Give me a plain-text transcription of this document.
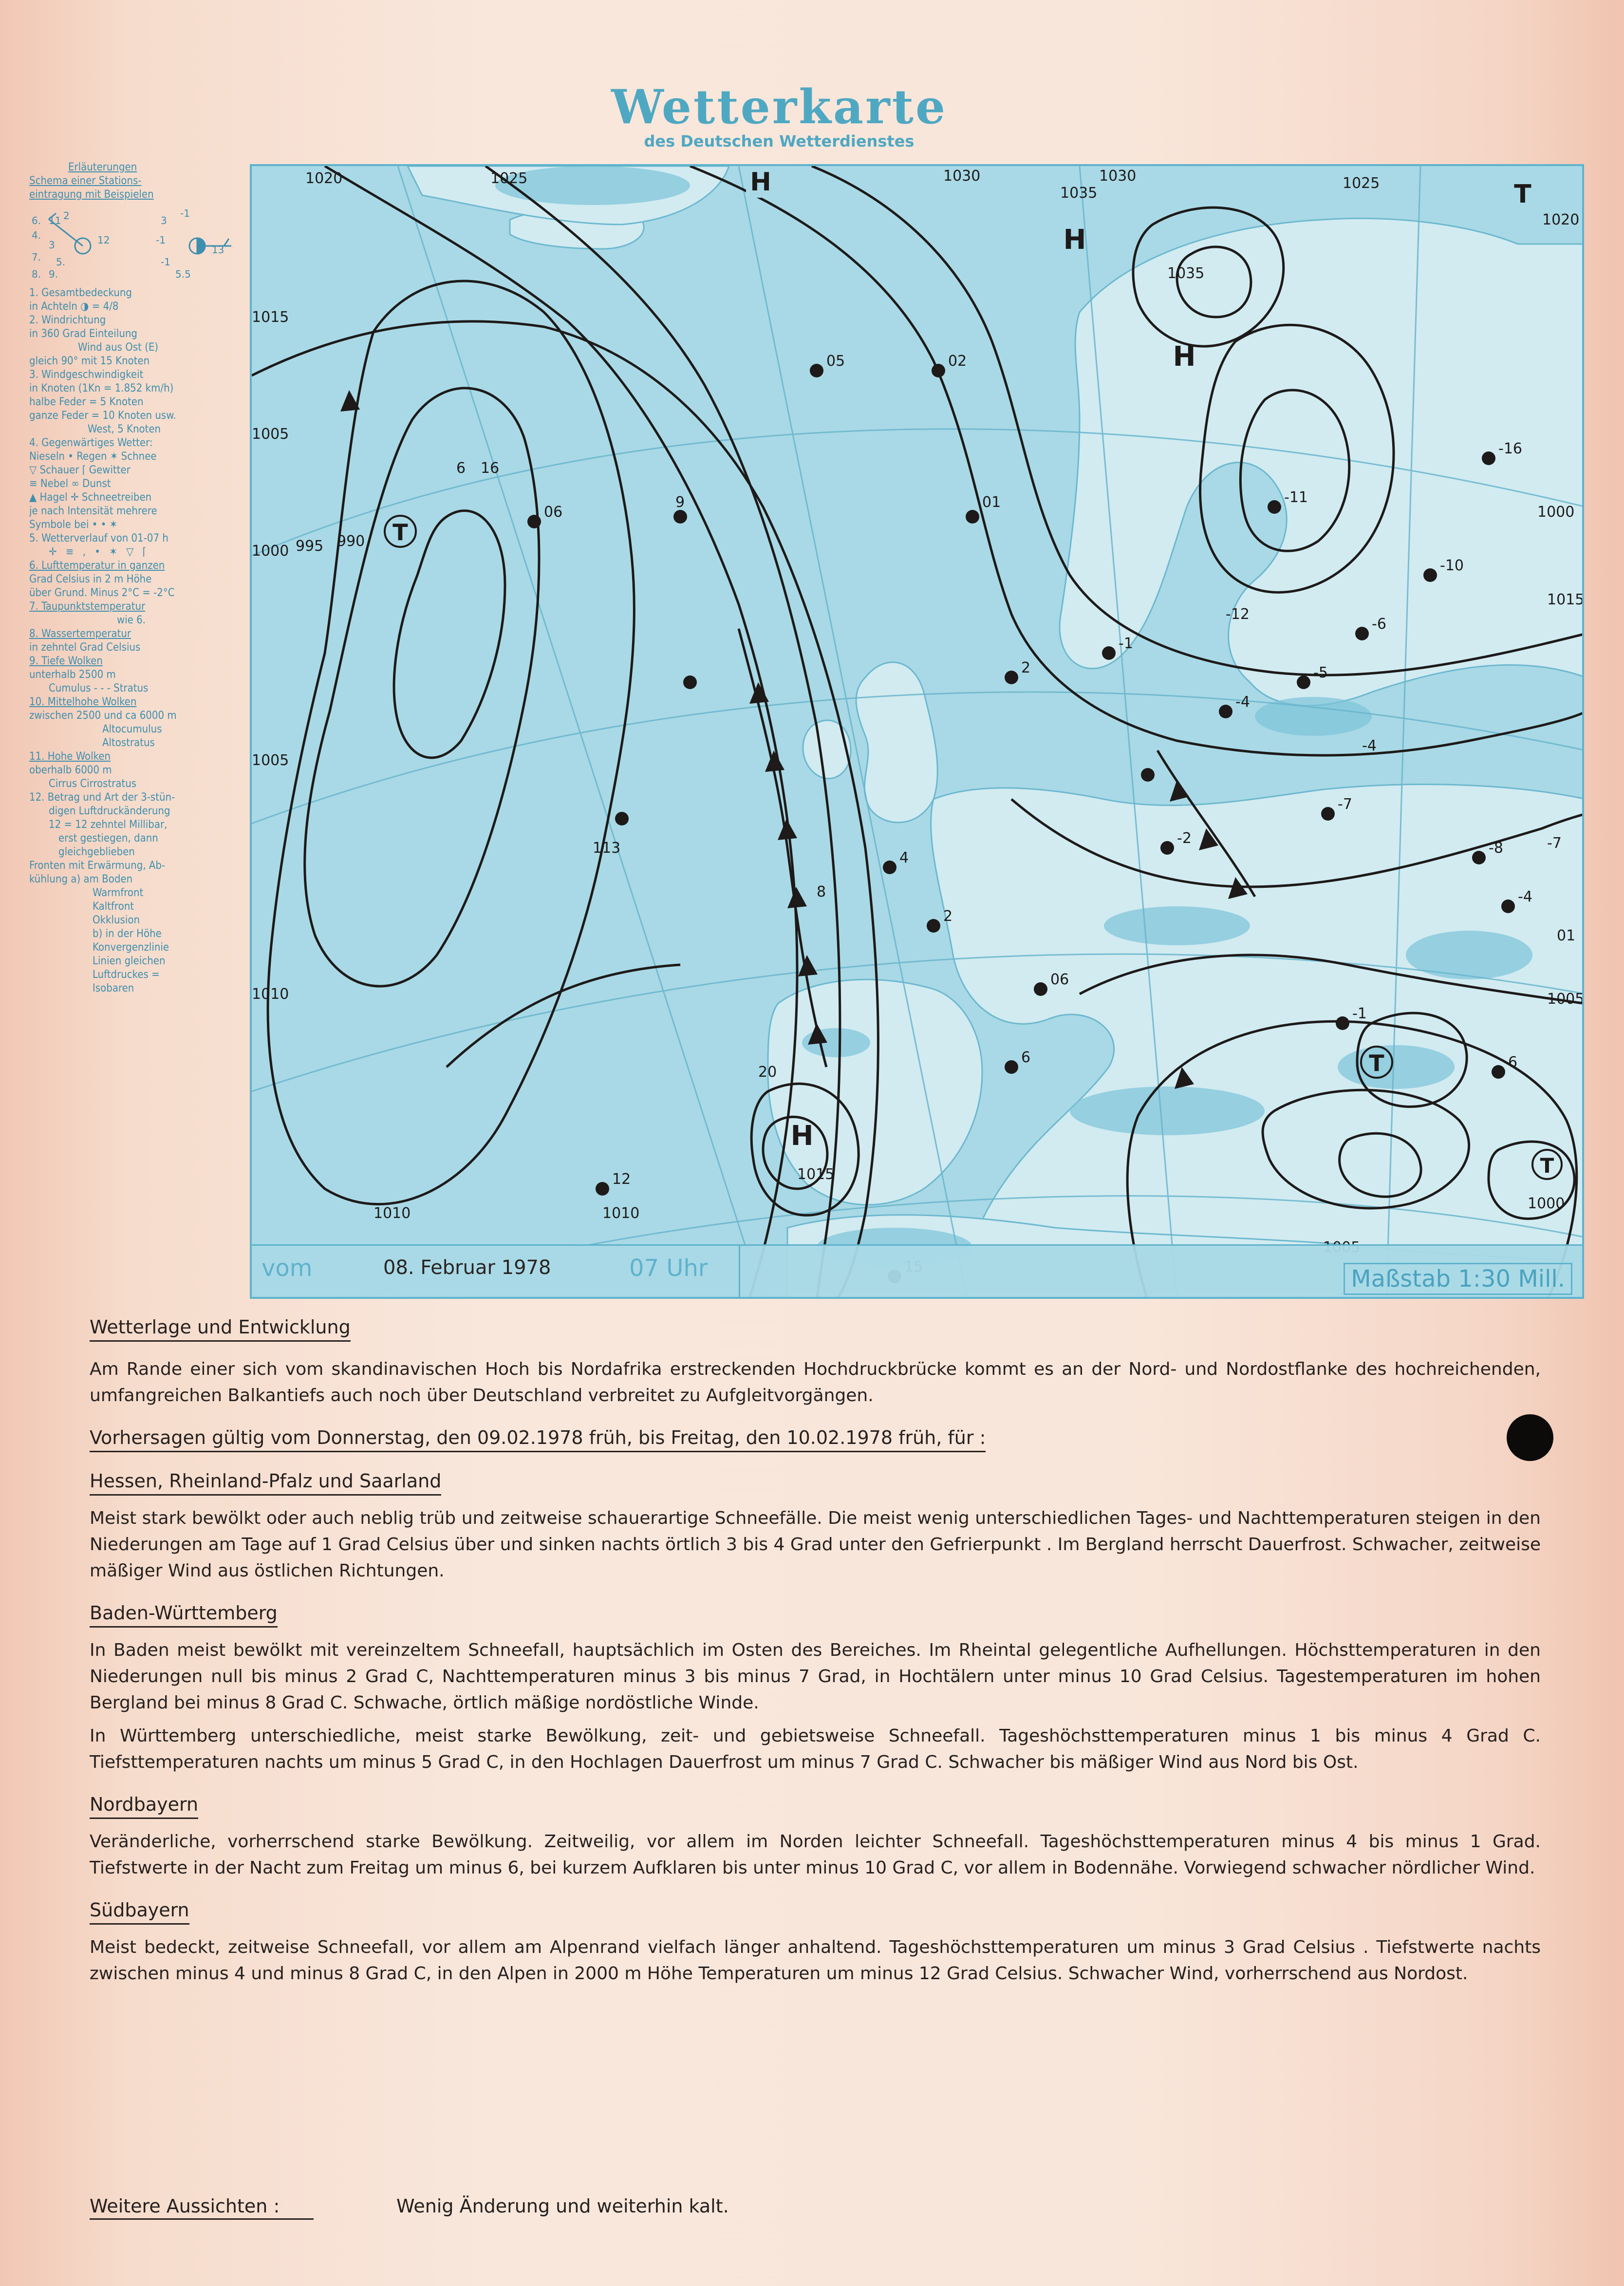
Wetterkarte
des Deutschen Wetterdienstes
Erläuterungen
Schema einer Stations-
eintragung mit Beispielen
6. 11 2
4.
3	12
7. 5.
8. 9.
3
-1
-1
13
-1
5.5
1. Gesamtbedeckung
in Achteln ◑ = 4/8
2. Windrichtung
in 360 Grad Einteilung
Wind aus Ost (E)
gleich 90° mit 15 Knoten
3. Windgeschwindigkeit
in Knoten (1Kn = 1.852 km/h)
halbe Feder = 5 Knoten
ganze Feder = 10 Knoten usw.
West, 5 Knoten
4. Gegenwärtiges Wetter:
Nieseln • Regen ✶ Schnee
▽ Schauer ⌈ Gewitter
≡ Nebel ∞ Dunst
▲ Hagel ✛ Schneetreiben
je nach Intensität mehrere
Symbole bei • • ✶
5. Wetterverlauf von 01-07 h
✛ ≡ , • ✶ ▽ ⌈
6. Lufttemperatur in ganzen
Grad Celsius in 2 m Höhe
über Grund. Minus 2°C = -2°C
7. Taupunktstemperatur
wie 6.
8. Wassertemperatur
in zehntel Grad Celsius
9. Tiefe Wolken
unterhalb 2500 m
Cumulus - - - Stratus
10. Mittelhohe Wolken
zwischen 2500 und ca 6000 m
Altocumulus
Altostratus
11. Hohe Wolken
oberhalb 6000 m
Cirrus Cirrostratus
12. Betrag und Art der 3-stün-
digen Luftdruckänderung
12 = 12 zehntel Millibar,
erst gestiegen, dann
gleichgeblieben
Fronten mit Erwärmung, Ab-
kühlung a) am Boden
Warmfront
Kaltfront
Okklusion
b) in der Höhe
Konvergenzlinie
Linien gleichen
Luftdruckes =
Isobaren
06
9
05	02
01
2
-1
-4
-5
-6
-10
-16
-11
-2
-7
-8
-4
-1
6
06
6
4
2
12
6 16
113
8
20
-7
01
-12
-4
H
H
H
H
T
T
T
T
1020	1025	1030
1035
1030	1025
1020
1015
1010
1005
1000 995 990
1000
1005
1010
1015
1010
1000
1005
1015
1035
vom	08. Februar 1978	07 Uhr	Maßstab 1:30 Mill.
Wetterlage und Entwicklung

Am Rande einer sich vom skandinavischen Hoch bis Nordafrika erstreckenden Hochdruckbrücke kommt es an der Nord- und Nordostflanke des hochreichenden, umfangreichen Balkantiefs auch noch über Deutschland verbreitet zu Aufgleitvorgängen.

Vorhersagen gültig vom Donnerstag, den 09.02.1978 früh, bis Freitag, den 10.02.1978 früh, für :
Hessen, Rheinland-Pfalz und Saarland

Meist stark bewölkt oder auch neblig trüb und zeitweise schauerartige Schneefälle. Die meist wenig unterschiedlichen Tages- und Nachttemperaturen steigen in den Niederungen am Tage auf 1 Grad Celsius über und sinken nachts örtlich 3 bis 4 Grad unter den Gefrierpunkt . Im Bergland herrscht Dauerfrost. Schwacher, zeitweise mäßiger Wind aus östlichen Richtungen.

Baden-Württemberg

In Baden meist bewölkt mit vereinzeltem Schneefall, hauptsächlich im Osten des Bereiches. Im Rheintal gelegentliche Aufhellungen. Höchsttemperaturen in den Niederungen null bis minus 2 Grad C, Nachttemperaturen minus 3 bis minus 7 Grad, in Hochtälern unter minus 10 Grad Celsius. Tagestemperaturen im hohen Bergland bei minus 8 Grad C. Schwache, örtlich mäßige nordöstliche Winde.

In Württemberg unterschiedliche, meist starke Bewölkung, zeit- und gebietsweise Schneefall. Tageshöchsttemperaturen minus 1 bis minus 4 Grad C. Tiefsttemperaturen nachts um minus 5 Grad C, in den Hochlagen Dauerfrost um minus 7 Grad C. Schwacher bis mäßiger Wind aus Nord bis Ost.

Nordbayern

Veränderliche, vorherrschend starke Bewölkung. Zeitweilig, vor allem im Norden leichter Schneefall. Tageshöchsttemperaturen minus 4 bis minus 1 Grad. Tiefstwerte in der Nacht zum Freitag um minus 6, bei kurzem Aufklaren bis unter minus 10 Grad C, vor allem in Bodennähe. Vorwiegend schwacher nördlicher Wind.

Südbayern

Meist bedeckt, zeitweise Schneefall, vor allem am Alpenrand vielfach länger anhaltend. Tageshöchsttemperaturen um minus 3 Grad Celsius . Tiefstwerte nachts zwischen minus 4 und minus 8 Grad C, in den Alpen in 2000 m Höhe Temperaturen um minus 12 Grad Celsius. Schwacher Wind, vorherrschend aus Nordost.

Weitere Aussichten :	Wenig Änderung und weiterhin kalt.
